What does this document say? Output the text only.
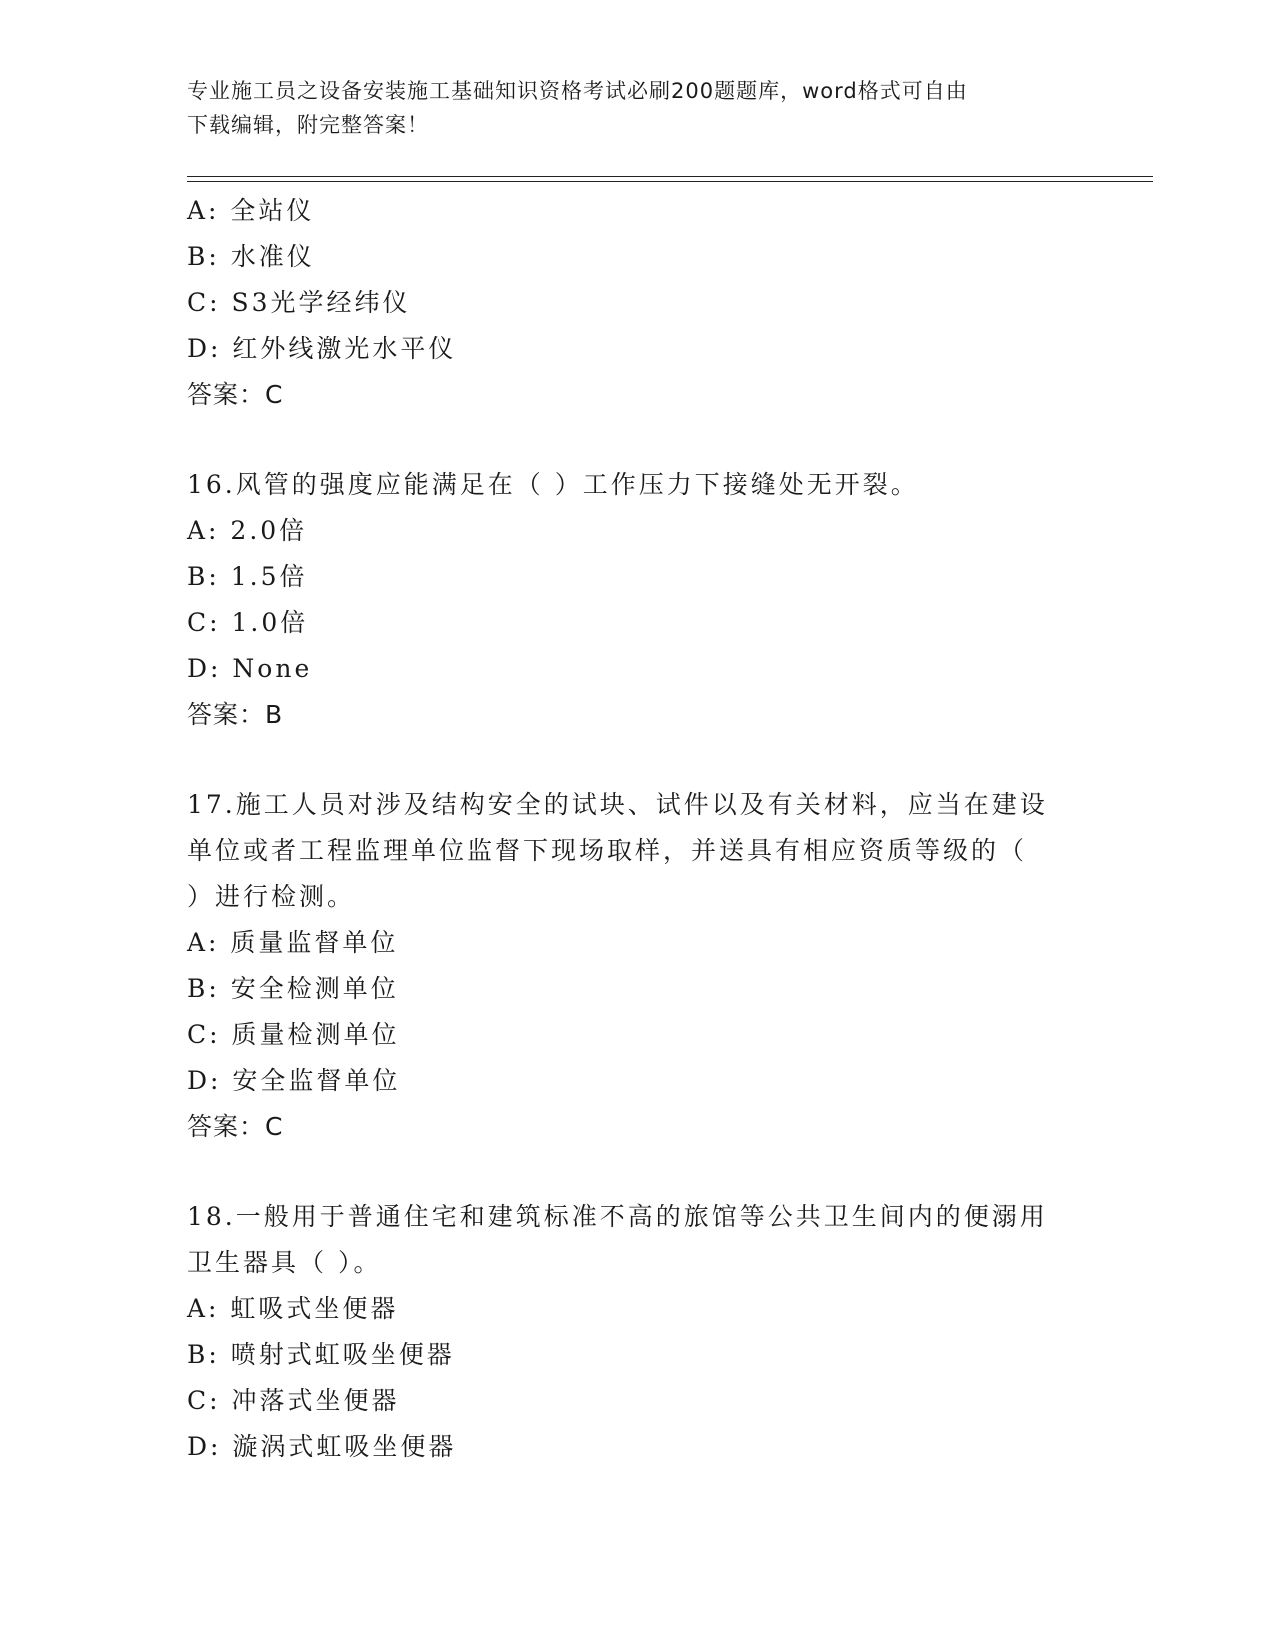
专业施工员之设备安装施工基础知识资格考试必刷200题题库，word格式可自由
下载编辑，附完整答案！
A: 全站仪
B: 水准仪
C: S3光学经纬仪
D: 红外线激光水平仪
答案：C
16.风管的强度应能满足在（ ）工作压力下接缝处无开裂。
A: 2.0倍
B: 1.5倍
C: 1.0倍
D: None
答案：B
17.施工人员对涉及结构安全的试块、试件以及有关材料，应当在建设
单位或者工程监理单位监督下现场取样，并送具有相应资质等级的（
）进行检测。
A: 质量监督单位
B: 安全检测单位
C: 质量检测单位
D: 安全监督单位
答案：C
18.一般用于普通住宅和建筑标准不高的旅馆等公共卫生间内的便溺用
卫生器具（ ）。
A: 虹吸式坐便器
B: 喷射式虹吸坐便器
C: 冲落式坐便器
D: 漩涡式虹吸坐便器
